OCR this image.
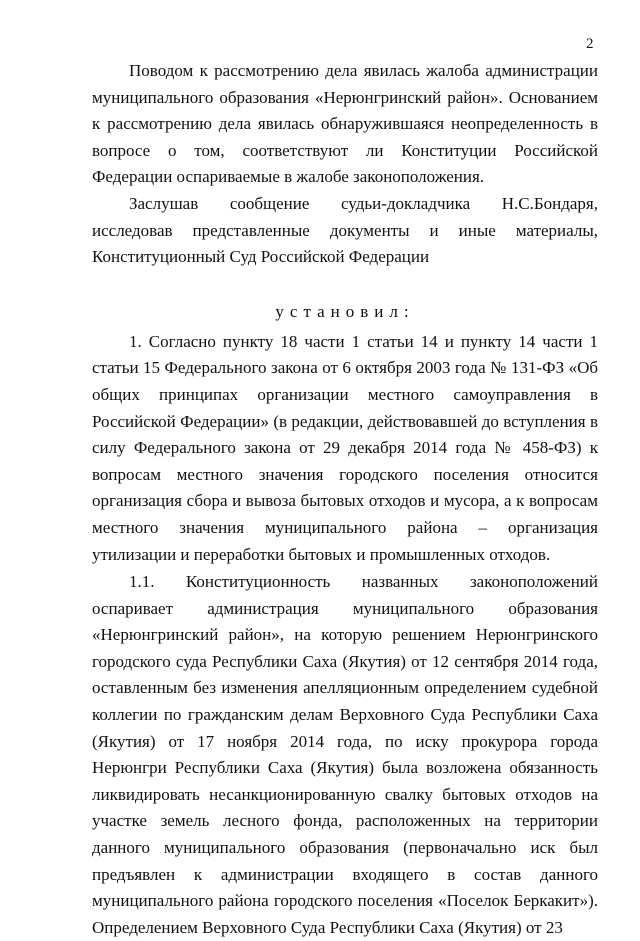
2

Поводом к рассмотрению дела явилась жалоба администрации муниципального образования «Нерюнгринский район». Основанием к рассмотрению дела явилась обнаружившаяся неопределенность в вопросе о том, соответствуют ли Конституции Российской Федерации оспариваемые в жалобе законоположения.

Заслушав сообщение судьи-докладчика Н.С.Бондаря, исследовав представленные документы и иные материалы, Конституционный Суд Российской Федерации

установил:

1. Согласно пункту 18 части 1 статьи 14 и пункту 14 части 1 статьи 15 Федерального закона от 6 октября 2003 года № 131-ФЗ «Об общих принципах организации местного самоуправления в Российской Федерации» (в редакции, действовавшей до вступления в силу Федерального закона от 29 декабря 2014 года № 458-ФЗ) к вопросам местного значения городского поселения относится организация сбора и вывоза бытовых отходов и мусора, а к вопросам местного значения муниципального района – организация утилизации и переработки бытовых и промышленных отходов.

1.1. Конституционность названных законоположений оспаривает администрация муниципального образования «Нерюнгринский район», на которую решением Нерюнгринского городского суда Республики Саха (Якутия) от 12 сентября 2014 года, оставленным без изменения апелляционным определением судебной коллегии по гражданским делам Верховного Суда Республики Саха (Якутия) от 17 ноября 2014 года, по иску прокурора города Нерюнгри Республики Саха (Якутия) была возложена обязанность ликвидировать несанкционированную свалку бытовых отходов на участке земель лесного фонда, расположенных на территории данного муниципального образования (первоначально иск был предъявлен к администрации входящего в состав данного муниципального района городского поселения «Поселок Беркакит»). Определением Верховного Суда Республики Саха (Якутия) от 23
